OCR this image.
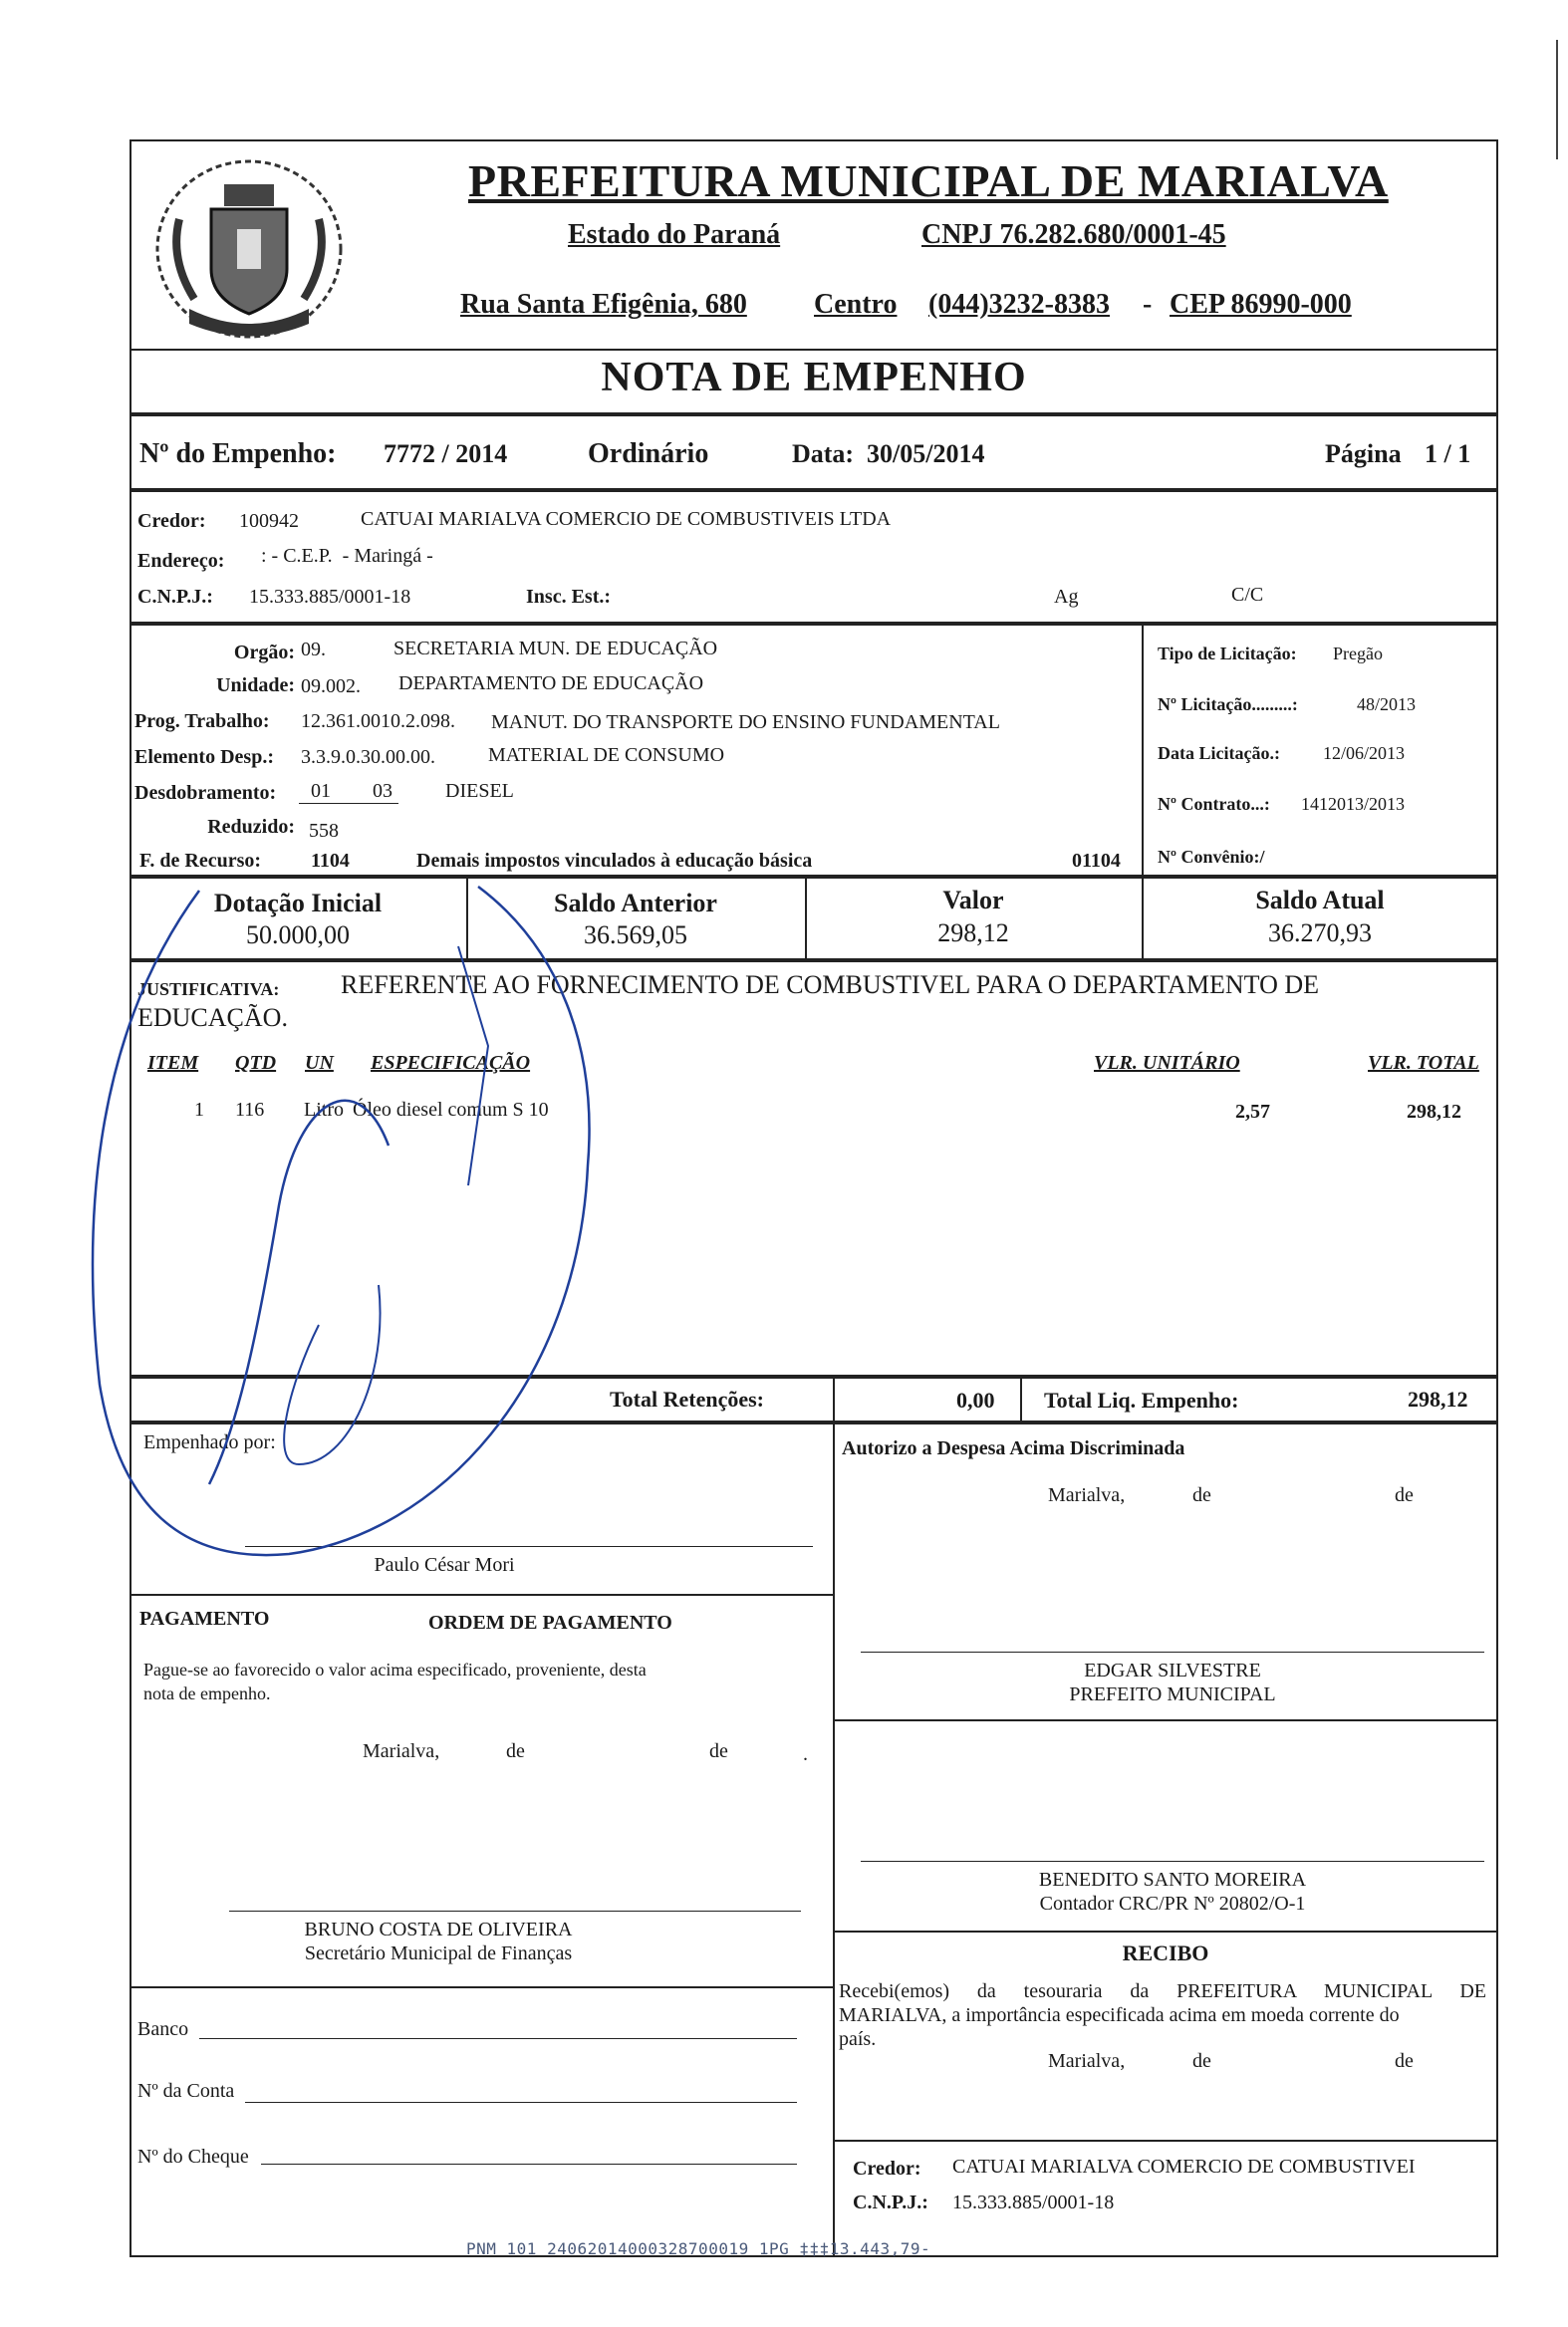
PREFEITURA MUNICIPAL DE MARIALVA
Estado do Paraná	CNPJ 76.282.680/0001-45
Rua Santa Efigênia, 680 Centro (044)3232-8383 - CEP 86990-000
NOTA DE EMPENHO
Nº do Empenho: 7772 / 2014	Ordinário	Data: 30/05/2014	Página 1 / 1
Credor: 100942	CATUAI MARIALVA COMERCIO DE COMBUSTIVEIS LTDA
Endereço: : - C.E.P.  - Maringá -
C.N.P.J.: 15.333.885/0001-18	Insc. Est.:	Ag	C/C
Orgão: 09.	SECRETARIA MUN. DE EDUCAÇÃO
Unidade: 09.002. DEPARTAMENTO DE EDUCAÇÃO
Prog. Trabalho: 12.361.0010.2.098. MANUT. DO TRANSPORTE DO ENSINO FUNDAMENTAL
Elemento Desp.: 3.3.9.0.30.00.00.	MATERIAL DE CONSUMO
Desdobramento: 01 03	DIESEL
Reduzido: 558
F. de Recurso: 1104	Demais impostos vinculados à educação básica	01104
Tipo de Licitação: Pregão
Nº Licitação.........:	48/2013
Data Licitação.: 12/06/2013
Nº Contrato...: 1412013/2013
Nº Convênio:/
Dotação Inicial
50.000,00
Saldo Anterior
36.569,05
Valor
298,12
Saldo Atual
36.270,93
JUSTIFICATIVA: REFERENTE AO FORNECIMENTO DE COMBUSTIVEL PARA O DEPARTAMENTO DE
EDUCAÇÃO.
ITEM QTD UN ESPECIFICAÇÃO	VLR. UNITÁRIO	VLR. TOTAL
1 116 Litro Óleo diesel comum S 10	2,57	298,12
Total Retenções:	0,00 Total Liq. Empenho:	298,12
Empenhado por:
Paulo César Mori
Autorizo a Despesa Acima Discriminada
Marialva,	de	de
EDGAR SILVESTRE
PREFEITO MUNICIPAL
PAGAMENTO	ORDEM DE PAGAMENTO
Pague-se ao favorecido o valor acima especificado, proveniente, desta
nota de empenho.
Marialva,	de	de	.
BENEDITO SANTO MOREIRA
Contador CRC/PR Nº 20802/O-1
BRUNO COSTA DE OLIVEIRA
Secretário Municipal de Finanças	RECIBO
Recebi(emos) da tesouraria da PREFEITURA MUNICIPAL DE
MARIALVA, a importância especificada acima em moeda corrente do
país.
Marialva,	de	de
Banco
Nº da Conta
Nº do Cheque
Credor: CATUAI MARIALVA COMERCIO DE COMBUSTIVEI
C.N.P.J.: 15.333.885/0001-18
PNM 101 24062014000328700019 1PG ‡‡‡13.443,79-
